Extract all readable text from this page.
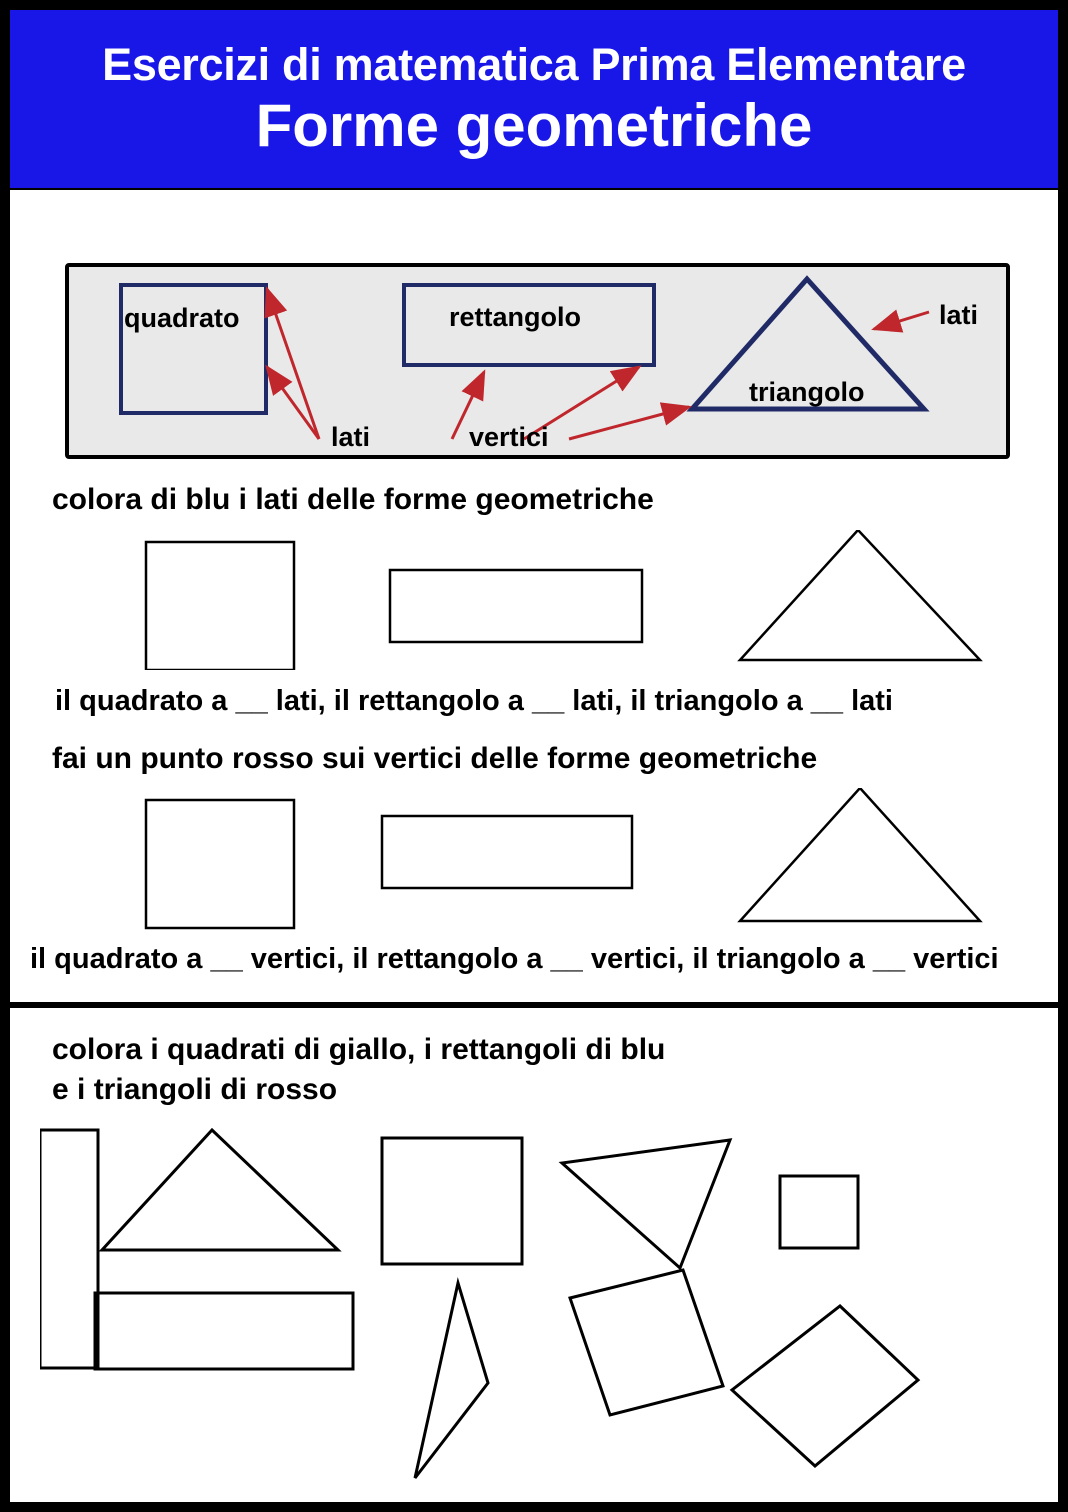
Esercizi di matematica Prima Elementare
Forme geometriche
quadrato	rettangolo
triangolo
lati
lati	vertici
colora di blu i lati delle forme geometriche
il quadrato a __ lati, il rettangolo a __ lati, il triangolo a __ lati
fai un punto rosso sui vertici delle forme geometriche
il quadrato a __ vertici, il rettangolo a __ vertici, il triangolo a __ vertici
colora i quadrati di giallo, i rettangoli di blu
e i triangoli di rosso
